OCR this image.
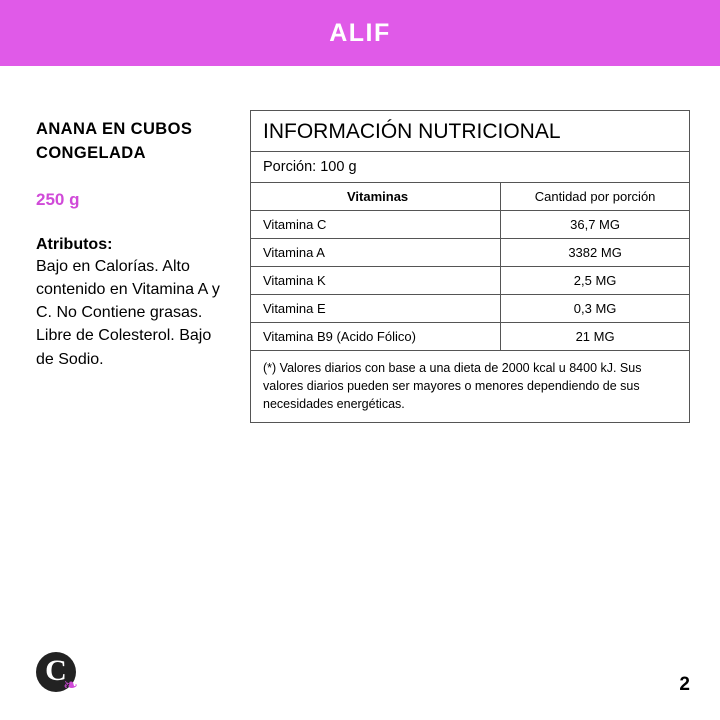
ALIF
ANANA EN CUBOS CONGELADA
250 g
Atributos:
Bajo en Calorías. Alto contenido en Vitamina A y C. No Contiene grasas. Libre de Colesterol. Bajo de Sodio.
INFORMACIÓN NUTRICIONAL
Porción: 100 g
Vitaminas	Cantidad por porción
Vitamina C	36,7 MG
Vitamina A	3382 MG
Vitamina K	2,5 MG
Vitamina E	0,3 MG
Vitamina B9 (Acido Fólico)	21 MG
(*) Valores diarios con base a una dieta de 2000 kcal u 8400 kJ. Sus valores diarios pueden ser mayores o menores dependiendo de sus necesidades energéticas.
C
❧	2
